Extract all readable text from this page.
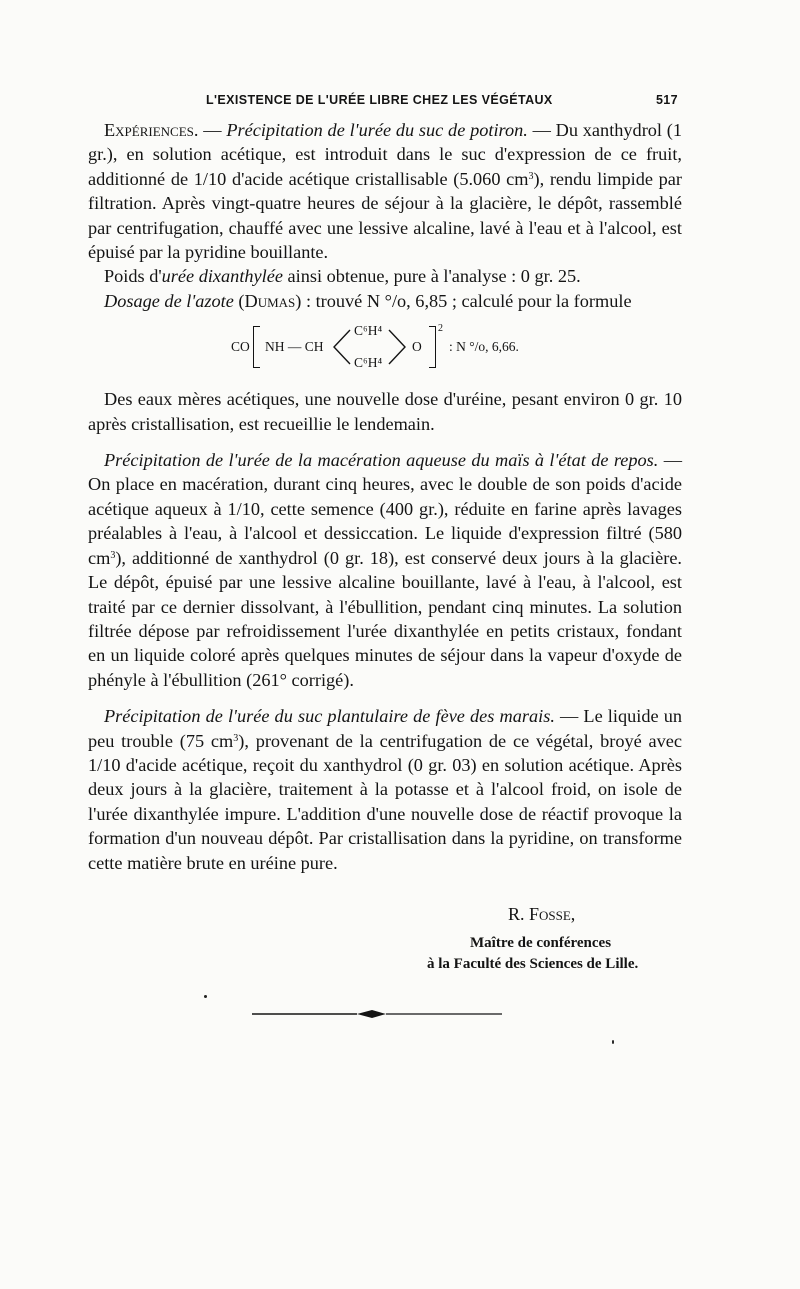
L'EXISTENCE DE L'URÉE LIBRE CHEZ LES VÉGÉTAUX	517

Expériences. — Précipitation de l'urée du suc de potiron. — Du xanthydrol (1 gr.), en solution acétique, est introduit dans le suc d'expression de ce fruit, additionné de 1/10 d'acide acétique cristallisable (5.060 $cm^3$), rendu limpide par filtration. Après vingt-quatre heures de séjour à la glacière, le dépôt, rassemblé par centrifugation, chauffé avec une lessive alcaline, lavé à l'eau et à l'alcool, est épuisé par la pyridine bouillante.

Poids d'urée dixanthylée ainsi obtenue, pure à l'analyse : 0 gr. 25.

Dosage de l'azote (Dumas) : trouvé N °/o, 6,85 ; calculé pour la formule

CO NH — CH
C⁶H⁴
C⁶H⁴
O
2
: N °/o, 6,66.

Des eaux mères acétiques, une nouvelle dose d'uréine, pesant environ 0 gr. 10 après cristallisation, est recueillie le lendemain.

Précipitation de l'urée de la macération aqueuse du maïs à l'état de repos. — On place en macération, durant cinq heures, avec le double de son poids d'acide acétique aqueux à 1/10, cette semence (400 gr.), réduite en farine après lavages préalables à l'eau, à l'alcool et dessiccation. Le liquide d'expression filtré (580 $cm^3$), additionné de xanthydrol (0 gr. 18), est conservé deux jours à la glacière. Le dépôt, épuisé par une lessive alcaline bouillante, lavé à l'eau, à l'alcool, est traité par ce dernier dissolvant, à l'ébullition, pendant cinq minutes. La solution filtrée dépose par refroidissement l'urée dixanthylée en petits cristaux, fondant en un liquide coloré après quelques minutes de séjour dans la vapeur d'oxyde de phényle à l'ébullition (261° corrigé).

Précipitation de l'urée du suc plantulaire de fève des marais. — Le liquide un peu trouble (75 $cm^3$), provenant de la centrifugation de ce végétal, broyé avec 1/10 d'acide acétique, reçoit du xanthydrol (0 gr. 03) en solution acétique. Après deux jours à la glacière, traitement à la potasse et à l'alcool froid, on isole de l'urée dixanthylée impure. L'addition d'une nouvelle dose de réactif provoque la formation d'un nouveau dépôt. Par cristallisation dans la pyridine, on transforme cette matière brute en uréine pure.

R. Fosse,
Maître de conférences
à la Faculté des Sciences de Lille.
